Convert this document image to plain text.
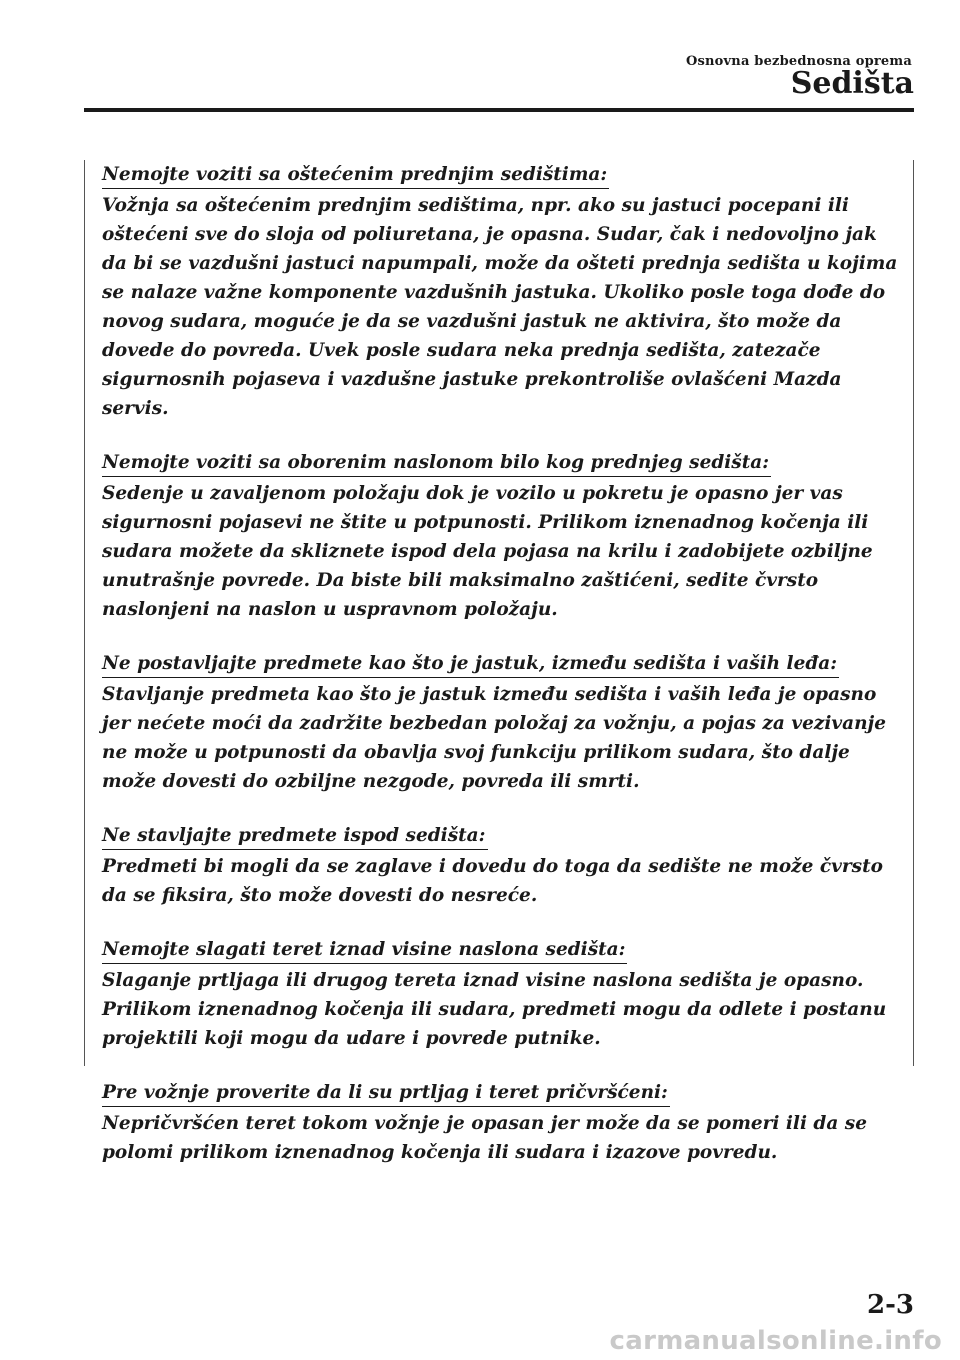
Osnovna bezbednosna oprema
Sedišta
Nemojte voziti sa oštećenim prednjim sedištima:

Vožnja sa oštećenim prednjim sedištima, npr. ako su jastuci pocepani ili oštećeni sve do sloja od poliuretana, je opasna. Sudar, čak i nedovoljno jak da bi se vazdušni jastuci napumpali, može da ošteti prednja sedišta u kojima se nalaze važne komponente vazdušnih jastuka. Ukoliko posle toga dođe do novog sudara, moguće je da se vazdušni jastuk ne aktivira, što može da dovede do povreda. Uvek posle sudara neka prednja sedišta, zatezače sigurnosnih pojaseva i vazdušne jastuke prekontroliše ovlašćeni Mazda servis.

Nemojte voziti sa oborenim naslonom bilo kog prednjeg sedišta:

Sedenje u zavaljenom položaju dok je vozilo u pokretu je opasno jer vas sigurnosni pojasevi ne štite u potpunosti. Prilikom iznenadnog kočenja ili sudara možete da skliznete ispod dela pojasa na krilu i zadobijete ozbiljne unutrašnje povrede. Da biste bili maksimalno zaštićeni, sedite čvrsto naslonjeni na naslon u uspravnom položaju.

Ne postavljajte predmete kao što je jastuk, između sedišta i vaših leđa:

Stavljanje predmeta kao što je jastuk između sedišta i vaših leđa je opasno jer nećete moći da zadržite bezbedan položaj za vožnju, a pojas za vezivanje ne može u potpunosti da obavlja svoj funkciju prilikom sudara, što dalje može dovesti do ozbiljne nezgode, povreda ili smrti.

Ne stavljajte predmete ispod sedišta:

Predmeti bi mogli da se zaglave i dovedu do toga da sedište ne može čvrsto da se fiksira, što može dovesti do nesreće.

Nemojte slagati teret iznad visine naslona sedišta:

Slaganje prtljaga ili drugog tereta iznad visine naslona sedišta je opasno. Prilikom iznenadnog kočenja ili sudara, predmeti mogu da odlete i postanu projektili koji mogu da udare i povrede putnike.

Pre vožnje proverite da li su prtljag i teret pričvršćeni:

Nepričvršćen teret tokom vožnje je opasan jer može da se pomeri ili da se polomi prilikom iznenadnog kočenja ili sudara i izazove povredu.

2-3
carmanualsonline.info
